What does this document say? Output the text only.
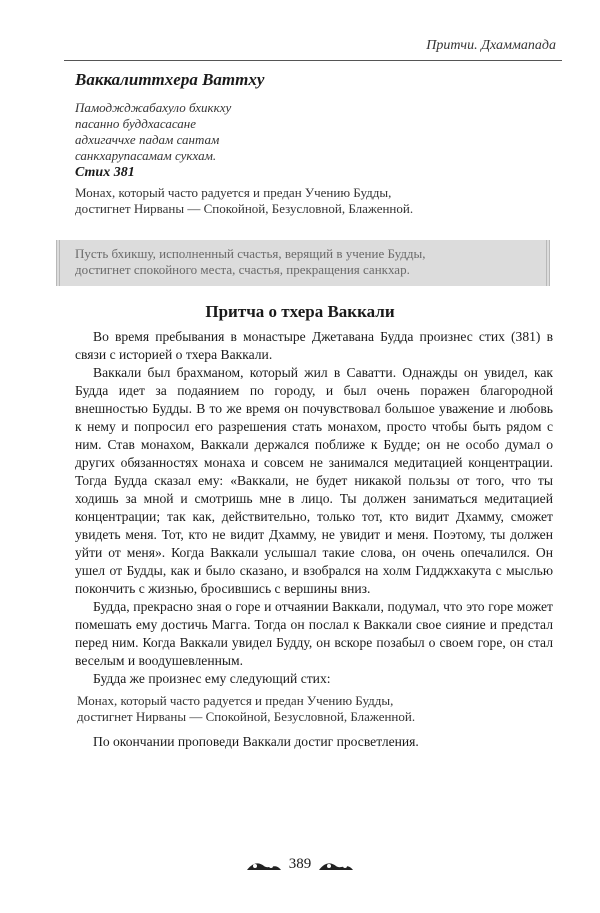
Притчи. Дхаммапада
Ваккалиттхера Ваттху
Памоджджабахуло бхиккху
пасанно буддхасасане
адхигаччхе падам сантам
санкхарупасамам сукхам.
Стих 381
Монах, который часто радуется и предан Учению Будды,
достигнет Нирваны — Спокойной, Безусловной, Блаженной.
Пусть бхикшу, исполненный счастья, верящий в учение Будды,
достигнет спокойного места, счастья, прекращения санкхар.
Притча о тхера Ваккали

Во время пребывания в монастыре Джетавана Будда произнес стих (381) в связи с историей о тхера Ваккали.

Ваккали был брахманом, который жил в Саватти. Однажды он увидел, как Будда идет за подаянием по городу, и был очень поражен благородной внешностью Будды. В то же время он почувствовал большое уважение и любовь к нему и попросил его разрешения стать монахом, просто чтобы быть рядом с ним. Став монахом, Ваккали держался поближе к Будде; он не особо думал о других обязанностях монаха и совсем не занимался медитацией концентрации. Тогда Будда сказал ему: «Ваккали, не будет никакой пользы от того, что ты ходишь за мной и смотришь мне в лицо. Ты должен заниматься медитацией концентрации; так как, действительно, только тот, кто видит Дхамму, сможет увидеть меня. Тот, кто не видит Дхамму, не увидит и меня. Поэтому, ты должен уйти от меня». Когда Ваккали услышал такие слова, он очень опечалился. Он ушел от Будды, как и было сказано, и взобрался на холм Гидджхакута с мыслью покончить с жизнью, бросившись с вершины вниз.

Будда, прекрасно зная о горе и отчаянии Ваккали, подумал, что это горе может помешать ему достичь Магга. Тогда он послал к Ваккали свое сияние и предстал перед ним. Когда Ваккали увидел Будду, он вскоре позабыл о своем горе, он стал веселым и воодушевленным.

Будда же произнес ему следующий стих:

Монах, который часто радуется и предан Учению Будды,
достигнет Нирваны — Спокойной, Безусловной, Блаженной.

По окончании проповеди Ваккали достиг просветления.

389
